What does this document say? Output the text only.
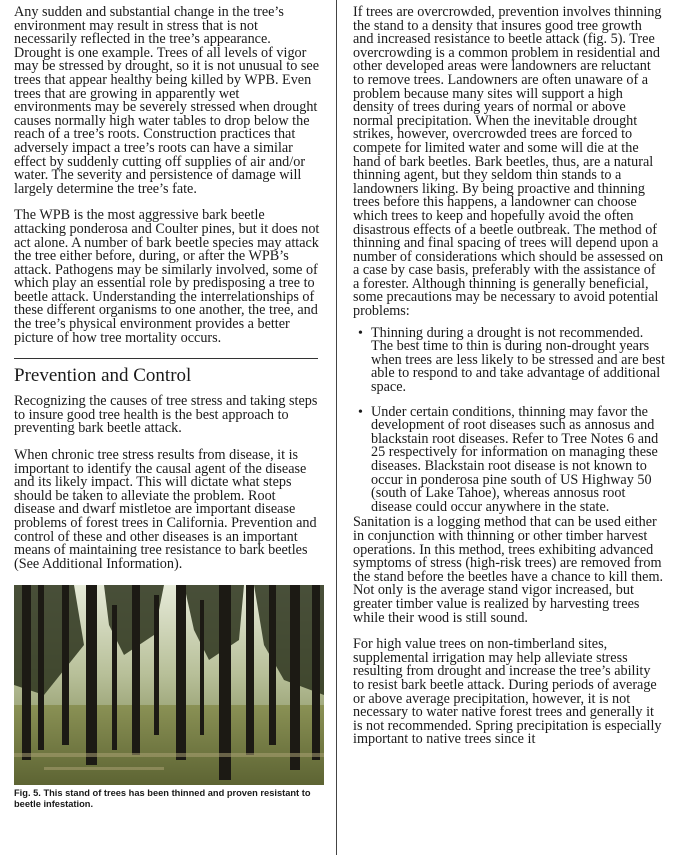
Any sudden and substantial change in the tree’s environment may result in stress that is not necessarily reflected in the tree’s appearance. Drought is one example. Trees of all levels of vigor may be stressed by drought, so it is not unusual to see trees that appear healthy being killed by WPB. Even trees that are growing in apparently wet environments may be severely stressed when drought causes normally high water tables to drop below the reach of a tree’s roots. Construction practices that adversely impact a tree’s roots can have a similar effect by suddenly cutting off supplies of air and/or water. The severity and persistence of damage will largely determine the tree’s fate.

The WPB is the most aggressive bark beetle attacking ponderosa and Coulter pines, but it does not act alone. A number of bark beetle species may attack the tree either before, during, or after the WPB’s attack. Pathogens may be similarly involved, some of which play an essential role by predisposing a tree to beetle attack. Understanding the interrelationships of these different organisms to one another, the tree, and the tree’s physical environment provides a better picture of how tree mortality occurs.

Prevention and Control

Recognizing the causes of tree stress and taking steps to insure good tree health is the best approach to preventing bark beetle attack.

When chronic tree stress results from disease, it is important to identify the causal agent of the disease and its likely impact. This will dictate what steps should be taken to alleviate the problem. Root disease and dwarf mistletoe are important disease problems of forest trees in California. Prevention and control of these and other diseases is an important means of maintaining tree resistance to bark beetles (See Additional Information).

Fig. 5. This stand of trees has been thinned and proven resistant to beetle infestation.

If trees are overcrowded, prevention involves thinning the stand to a density that insures good tree growth and increased resistance to beetle attack (fig. 5). Tree overcrowding is a common problem in residential and other developed areas were landowners are reluctant to remove trees. Landowners are often unaware of a problem because many sites will support a high density of trees during years of normal or above normal precipitation. When the inevitable drought strikes, however, overcrowded trees are forced to compete for limited water and some will die at the hand of bark beetles. Bark beetles, thus, are a natural thinning agent, but they seldom thin stands to a landowners liking. By being proactive and thinning trees before this happens, a landowner can choose which trees to keep and hopefully avoid the often disastrous effects of a beetle outbreak. The method of thinning and final spacing of trees will depend upon a number of considerations which should be assessed on a case by case basis, preferably with the assistance of a forester. Although thinning is generally beneficial, some precautions may be necessary to avoid potential problems:

• Thinning during a drought is not recommended. The best time to thin is during non-drought years when trees are less likely to be stressed and are best able to respond to and take advantage of additional space.
• Under certain conditions, thinning may favor the development of root diseases such as annosus and blackstain root diseases. Refer to Tree Notes 6 and 25 respectively for information on managing these diseases. Blackstain root disease is not known to occur in ponderosa pine south of US Highway 50 (south of Lake Tahoe), whereas annosus root disease could occur anywhere in the state.

Sanitation is a logging method that can be used either in conjunction with thinning or other timber harvest operations. In this method, trees exhibiting advanced symptoms of stress (high-risk trees) are removed from the stand before the beetles have a chance to kill them. Not only is the average stand vigor increased, but greater timber value is realized by harvesting trees while their wood is still sound.

For high value trees on non-timberland sites, supplemental irrigation may help alleviate stress resulting from drought and increase the tree’s ability to resist bark beetle attack. During periods of average or above average precipitation, however, it is not necessary to water native forest trees and generally it is not recommended. Spring precipitation is especially important to native trees since it
